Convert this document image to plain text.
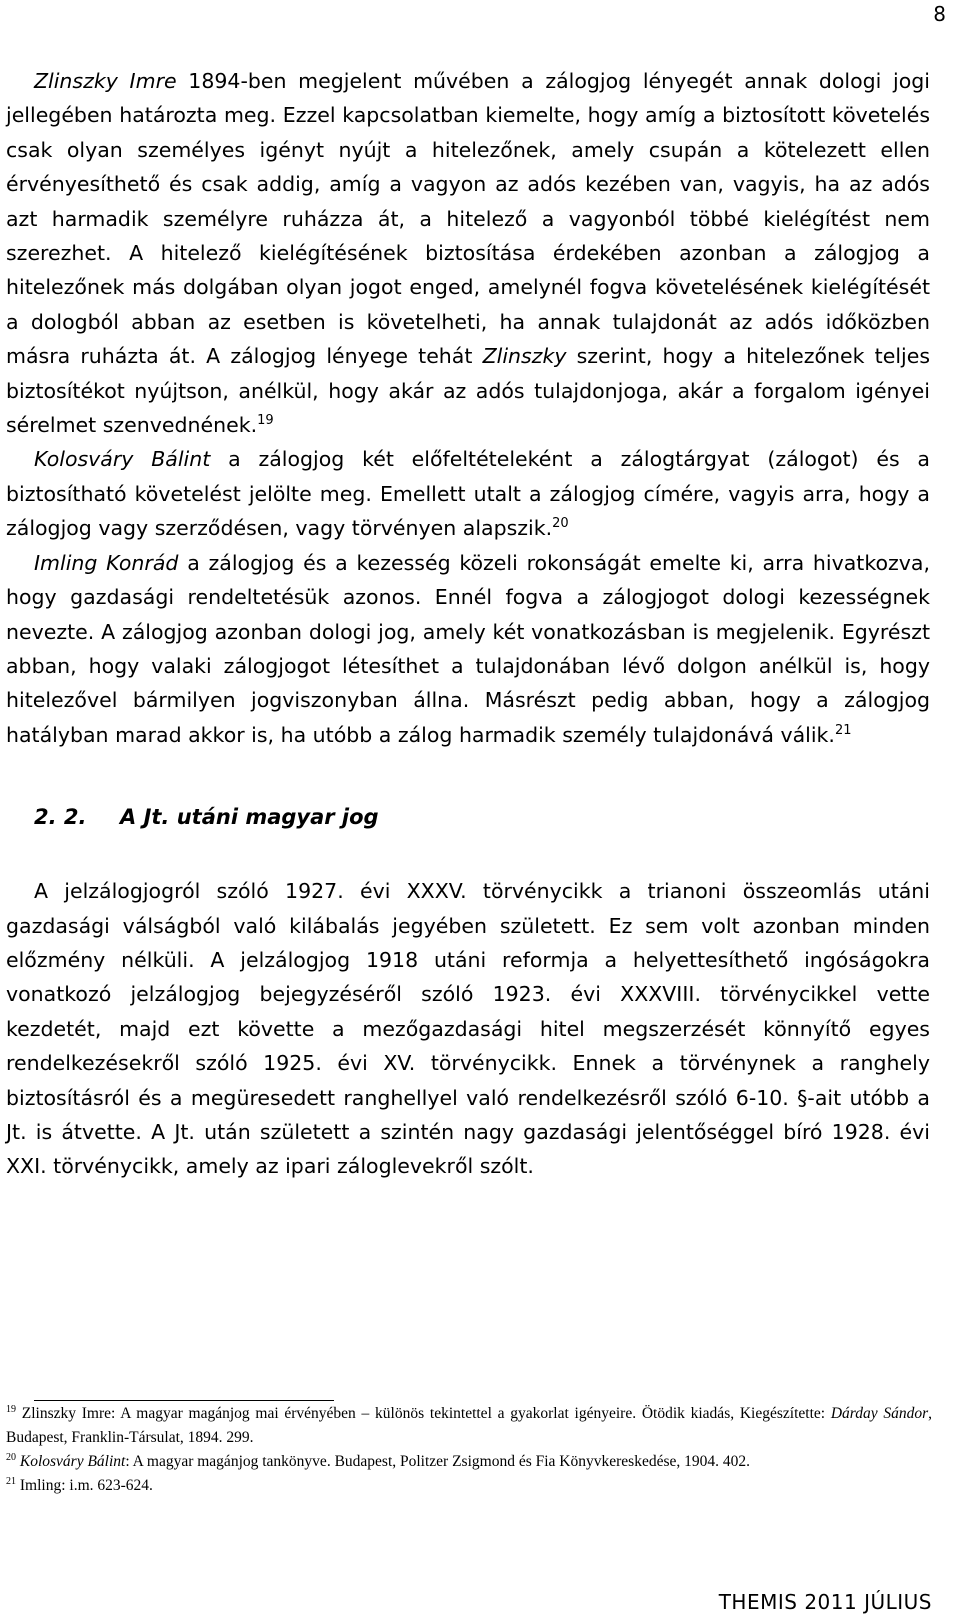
8

Zlinszky Imre 1894-ben megjelent művében a zálogjog lényegét annak dologi jogi jellegében határozta meg. Ezzel kapcsolatban kiemelte, hogy amíg a biztosított követelés csak olyan személyes igényt nyújt a hitelezőnek, amely csupán a kötelezett ellen érvényesíthető és csak addig, amíg a vagyon az adós kezében van, vagyis, ha az adós azt harmadik személyre ruházza át, a hitelező a vagyonból többé kielégítést nem szerezhet. A hitelező kielégítésének biztosítása érdekében azonban a zálogjog a hitelezőnek más dolgában olyan jogot enged, amelynél fogva követelésének kielégítését a dologból abban az esetben is követelheti, ha annak tulajdonát az adós időközben másra ruházta át. A zálogjog lényege tehát Zlinszky szerint, hogy a hitelezőnek teljes biztosítékot nyújtson, anélkül, hogy akár az adós tulajdonjoga, akár a forgalom igényei sérelmet szenvednének.$^{19}$

Kolosváry Bálint a zálogjog két előfeltételeként a zálogtárgyat (zálogot) és a biztosítható követelést jelölte meg. Emellett utalt a zálogjog címére, vagyis arra, hogy a zálogjog vagy szerződésen, vagy törvényen alapszik.$^{20}$

Imling Konrád a zálogjog és a kezesség közeli rokonságát emelte ki, arra hivatkozva, hogy gazdasági rendeltetésük azonos. Ennél fogva a zálogjogot dologi kezességnek nevezte. A zálogjog azonban dologi jog, amely két vonatkozásban is megjelenik. Egyrészt abban, hogy valaki zálogjogot létesíthet a tulajdonában lévő dolgon anélkül is, hogy hitelezővel bármilyen jogviszonyban állna. Másrészt pedig abban, hogy a zálogjog hatályban marad akkor is, ha utóbb a zálog harmadik személy tulajdonává válik.$^{21}$

2. 2. A Jt. utáni magyar jog

A jelzálogjogról szóló 1927. évi XXXV. törvénycikk a trianoni összeomlás utáni gazdasági válságból való kilábalás jegyében született. Ez sem volt azonban minden előzmény nélküli. A jelzálogjog 1918 utáni reformja a helyettesíthető ingóságokra vonatkozó jelzálogjog bejegyzéséről szóló 1923. évi XXXVIII. törvénycikkel vette kezdetét, majd ezt követte a mezőgazdasági hitel megszerzését könnyítő egyes rendelkezésekről szóló 1925. évi XV. törvénycikk. Ennek a törvénynek a ranghely biztosításról és a megüresedett ranghellyel való rendelkezésről szóló 6-10. §-ait utóbb a Jt. is átvette. A Jt. után született a szintén nagy gazdasági jelentőséggel bíró 1928. évi XXI. törvénycikk, amely az ipari záloglevekről szólt.

$^{19}$ Zlinszky Imre: A magyar magánjog mai érvényében – különös tekintettel a gyakorlat igényeire. Ötödik kiadás, Kiegészítette: Dárday Sándor, Budapest, Franklin-Társulat, 1894. 299.

$^{20}$ Kolosváry Bálint: A magyar magánjog tankönyve. Budapest, Politzer Zsigmond és Fia Könyvkereskedése, 1904. 402.

$^{21}$ Imling: i.m. 623-624.

THEMIS 2011 JÚLIUS
